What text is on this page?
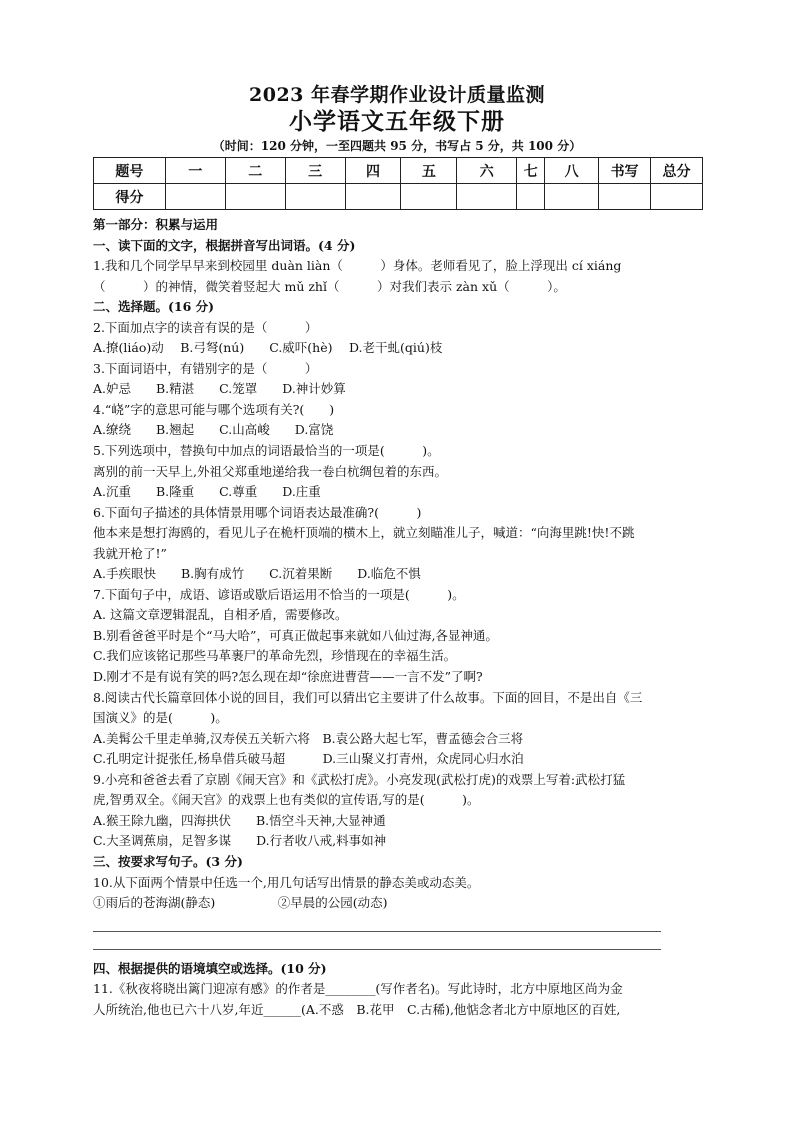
2023 年春学期作业设计质量监测
小学语文五年级下册
（时间：120 分钟，一至四题共 95 分，书写占 5 分，共 100 分）
题号	一	二	三	四	五	六	七	八	书写	总分
得分										
第一部分：积累与运用
一、读下面的文字，根据拼音写出词语。(4 分)
1.我和几个同学早早来到校园里 duàn liàn（　　　）身体。老师看见了，脸上浮现出 cí xiáng
（　　　）的神情，微笑着竖起大 mǔ zhǐ（　　　）对我们表示 zàn xǔ（　　　）。
二、选择题。(16 分)
2.下面加点字的读音有误的是（　　　）
A.撩(liáo)动　 B.弓弩(nú)　　C.威吓(hè)　 D.老干虬(qiú)枝
3.下面词语中，有错别字的是（　　　）
A.妒忌　　B.精湛　　C.笼罩　　D.神计妙算
4.“峣”字的意思可能与哪个选项有关?(　　)
A.缭绕　　B.翘起　　C.山高峻　　D.富饶
5.下列选项中，替换句中加点的词语最恰当的一项是(　　　)。
离别的前一天早上,外祖父郑重地递给我一卷白杭绸包着的东西。
A.沉重　　B.隆重　　C.尊重　　D.庄重
6.下面句子描述的具体情景用哪个词语表达最准确?(　　　)
他本来是想打海鸥的，看见儿子在桅杆顶端的横木上，就立刻瞄准儿子，喊道：“向海里跳!快!不跳
我就开枪了!”
A.手疾眼快　　B.胸有成竹　　C.沉着果断　　D.临危不惧
7.下面句子中，成语、谚语或歇后语运用不恰当的一项是(　　　)。
A. 这篇文章逻辑混乱，自相矛盾，需要修改。
B.别看爸爸平时是个“马大哈”，可真正做起事来就如八仙过海,各显神通。
C.我们应该铭记那些马革裹尸的革命先烈，珍惜现在的幸福生活。
D.刚才不是有说有笑的吗?怎么现在却“徐庶进曹营——一言不发”了啊?
8.阅读古代长篇章回体小说的回目，我们可以猜出它主要讲了什么故事。下面的回目，不是出自《三
国演义》的是(　　　)。
A.美髯公千里走单骑,汉寿侯五关斩六将　B.袁公路大起七军，曹孟德会合三将
C.孔明定计捉张任,杨阜借兵破马超　　　D.三山聚义打青州，众虎同心归水泊
9.小亮和爸爸去看了京剧《闹天宫》和《武松打虎》。小亮发现(武松打虎)的戏票上写着:武松打猛
虎,智勇双全。《闹天宫》的戏票上也有类似的宣传语,写的是(　　　)。
A.猴王除九幽，四海拱伏　　B.悟空斗天神,大显神通
C.大圣调蕉扇，足智多谋　　D.行者收八戒,料事如神
三、按要求写句子。(3 分)
10.从下面两个情景中任选一个,用几句话写出情景的静态美或动态美。
①雨后的苍海湖(静态)　　　　　②早晨的公园(动态)
四、根据提供的语境填空或选择。(10 分)
11.《秋夜将晓出篱门迎凉有感》的作者是________(写作者名)。写此诗时，北方中原地区尚为金
人所统治,他也已六十八岁,年近______(A.不惑　B.花甲　C.古稀),他惦念者北方中原地区的百姓,
